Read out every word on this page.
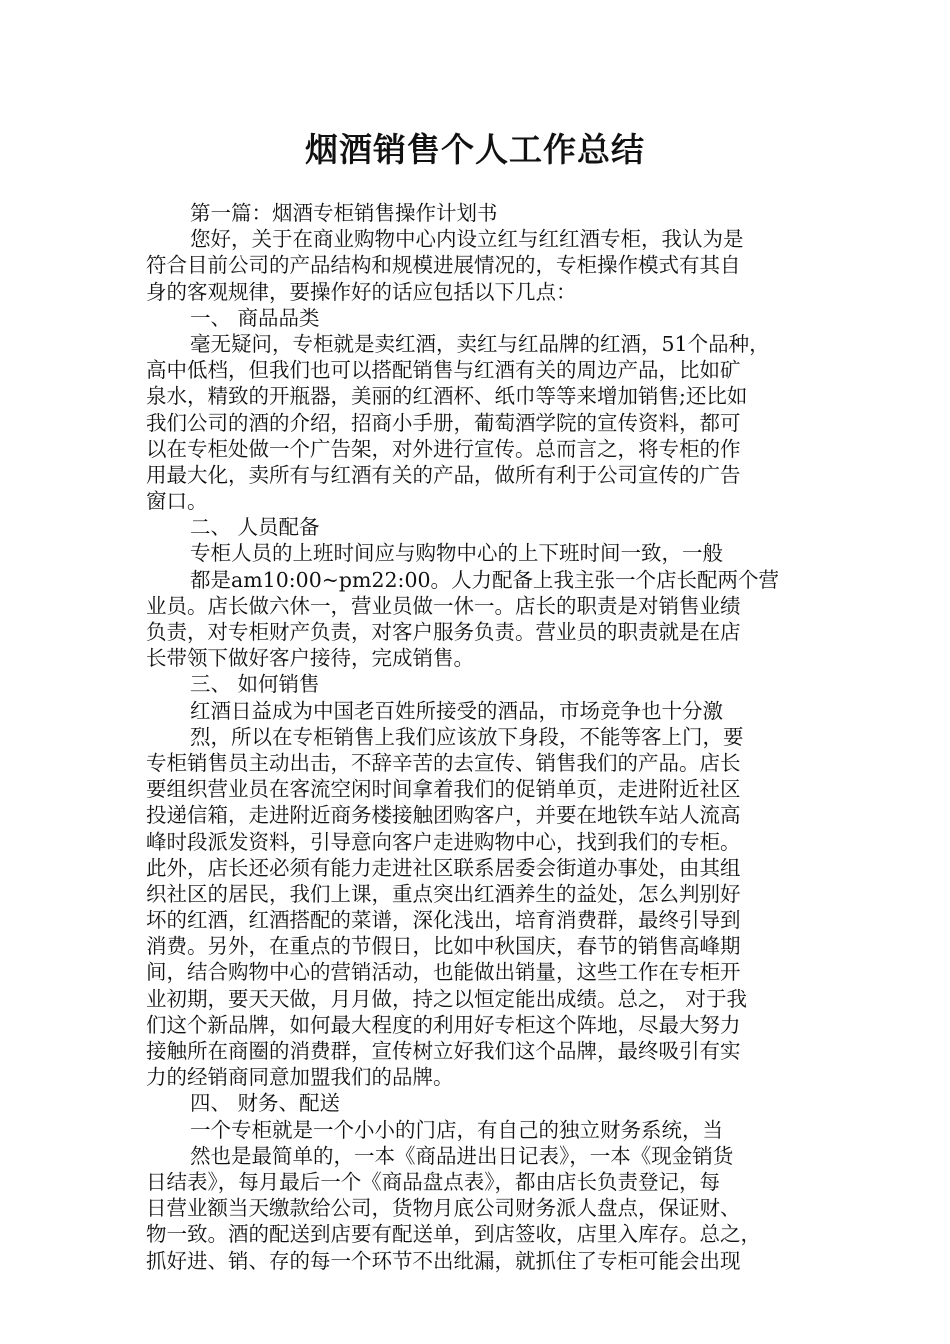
烟酒销售个人工作总结
第一篇：烟酒专柜销售操作计划书
您好，关于在商业购物中心内设立红与红红酒专柜，我认为是
符合目前公司的产品结构和规模进展情况的，专柜操作模式有其自
身的客观规律，要操作好的话应包括以下几点：
一、 商品品类
毫无疑问，专柜就是卖红酒，卖红与红品牌的红酒，51个品种，
高中低档，但我们也可以搭配销售与红酒有关的周边产品，比如矿
泉水，精致的开瓶器，美丽的红酒杯、纸巾等等来增加销售;还比如
我们公司的酒的介绍，招商小手册，葡萄酒学院的宣传资料，都可
以在专柜处做一个广告架，对外进行宣传。总而言之，将专柜的作
用最大化，卖所有与红酒有关的产品，做所有利于公司宣传的广告
窗口。
二、 人员配备
专柜人员的上班时间应与购物中心的上下班时间一致，一般
都是am10:00~pm22:00。人力配备上我主张一个店长配两个营
业员。店长做六休一，营业员做一休一。店长的职责是对销售业绩
负责，对专柜财产负责，对客户服务负责。营业员的职责就是在店
长带领下做好客户接待，完成销售。
三、 如何销售
红酒日益成为中国老百姓所接受的酒品，市场竞争也十分激
烈，所以在专柜销售上我们应该放下身段，不能等客上门，要
专柜销售员主动出击，不辞辛苦的去宣传、销售我们的产品。店长
要组织营业员在客流空闲时间拿着我们的促销单页，走进附近社区
投递信箱，走进附近商务楼接触团购客户，并要在地铁车站人流高
峰时段派发资料，引导意向客户走进购物中心，找到我们的专柜。
此外，店长还必须有能力走进社区联系居委会街道办事处，由其组
织社区的居民，我们上课，重点突出红酒养生的益处，怎么判别好
坏的红酒，红酒搭配的菜谱，深化浅出，培育消费群，最终引导到
消费。另外，在重点的节假日，比如中秋国庆，春节的销售高峰期
间，结合购物中心的营销活动，也能做出销量，这些工作在专柜开
业初期，要天天做，月月做，持之以恒定能出成绩。总之， 对于我
们这个新品牌，如何最大程度的利用好专柜这个阵地，尽最大努力
接触所在商圈的消费群，宣传树立好我们这个品牌，最终吸引有实
力的经销商同意加盟我们的品牌。
四、 财务、配送
一个专柜就是一个小小的门店，有自己的独立财务系统，当
然也是最简单的，一本《商品进出日记表》，一本《现金销货
日结表》，每月最后一个《商品盘点表》，都由店长负责登记，每
日营业额当天缴款给公司，货物月底公司财务派人盘点，保证财、
物一致。酒的配送到店要有配送单，到店签收，店里入库存。总之，
抓好进、销、存的每一个环节不出纰漏，就抓住了专柜可能会出现
